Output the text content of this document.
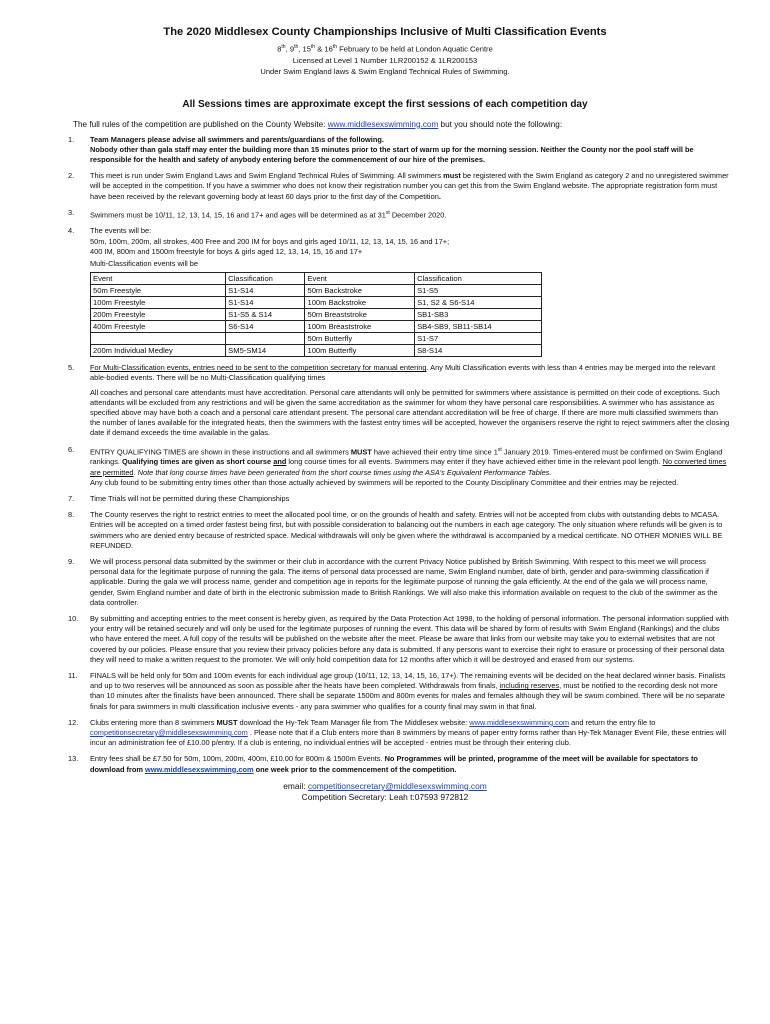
The 2020 Middlesex County Championships Inclusive of Multi Classification Events
8th, 9th, 15th & 16th February to be held at London Aquatic Centre
Licensed at Level 1 Number 1LR200152 & 1LR200153
Under Swim England laws & Swim England Technical Rules of Swimming.
All Sessions times are approximate except the first sessions of each competition day
The full rules of the competition are published on the County Website: www.middlesexswimming.com but you should note the following:
1. Team Managers please advise all swimmers and parents/guardians of the following.
Nobody other than gala staff may enter the building more than 15 minutes prior to the start of warm up for the morning session. Neither the County nor the pool staff will be responsible for the health and safety of anybody entering before the commencement of our hire of the premises.
2. This meet is run under Swim England Laws and Swim England Technical Rules of Swimming. All swimmers must be registered with the Swim England as category 2 and no unregistered swimmer will be accepted in the competition. If you have a swimmer who does not know their registration number you can get this from the Swim England website. The appropriate registration form must have been received by the relevant governing body at least 60 days prior to the first day of the Competition.
3. Swimmers must be 10/11, 12, 13, 14, 15, 16 and 17+ and ages will be determined as at 31st December 2020.
4. The events will be:
50m, 100m, 200m, all strokes, 400 Free and 200 IM for boys and girls aged 10/11, 12, 13, 14, 15, 16 and 17+;
400 IM, 800m and 1500m freestyle for boys & girls aged 12, 13, 14, 15, 16 and 17+
Multi-Classification events will be
Event	Classification	Event	Classification
50m Freestyle	S1-S14	50m Backstroke	S1-S5
100m Freestyle	S1-S14	100m Backstroke	S1, S2 & S6-S14
200m Freestyle	S1-S5 & S14	50m Breaststroke	SB1-SB3
400m Freestyle	S6-S14	100m Breaststroke	SB4-SB9, SB11-SB14
		50m Butterfly	S1-S7
200m Individual Medley	SM5-SM14	100m Butterfly	S8-S14
5. For Multi-Classification events, entries need to be sent to the competition secretary for manual entering. Any Multi Classification events with less than 4 entries may be merged into the relevant able-bodied events. There will be no Multi-Classification qualifying times

All coaches and personal care attendants must have accreditation. Personal care attendants will only be permitted for swimmers where assistance is permitted on their code of exceptions. Such attendants will be excluded from any restrictions and will be given the same accreditation as the swimmer for whom they have personal care responsibilities. A swimmer who has assistance as specified above may have both a coach and a personal care attendant present. The personal care attendant accreditation will be free of charge. If there are more multi classified swimmers than the number of lanes available for the integrated heats, then the swimmers with the fastest entry times will be accepted, however the organisers reserve the right to reject swimmers after the closing date if demand exceeds the time available in the galas.

6. ENTRY QUALIFYING TIMES are shown in these instructions and all swimmers MUST have achieved their entry time since 1st January 2019. Times-entered must be confirmed on Swim England rankings. Qualifying times are given as short course and long course times for all events. Swimmers may enter if they have achieved either time in the relevant pool length. No converted times are permitted. Note that long course times have been generated from the short course times using the ASA's Equivalent Performance Tables.
Any club found to be submitting entry times other than those actually achieved by swimmers will be reported to the County Disciplinary Committee and their entries may be rejected.
7. Time Trials will not be permitted during these Championships
8. The County reserves the right to restrict entries to meet the allocated pool time, or on the grounds of health and safety. Entries will not be accepted from clubs with outstanding debts to MCASA. Entries will be accepted on a timed order fastest being first, but with possible consideration to balancing out the numbers in each age category. The only situation where refunds will be given is to swimmers who are denied entry because of restricted space. Medical withdrawals will only be given where the withdrawal is accompanied by a medical certificate. NO OTHER MONIES WILL BE REFUNDED.
9. We will process personal data submitted by the swimmer or their club in accordance with the current Privacy Notice published by British Swimming. With respect to this meet we will process personal data for the legitimate purpose of running the gala. The items of personal data processed are name, Swim England number, date of birth, gender and para-swimming classification if applicable. During the gala we will process name, gender and competition age in reports for the legitimate purpose of running the gala efficiently. At the end of the gala we will process name, gender, Swim England number and date of birth in the electronic submission made to British Rankings. We will also make this information available on request to the club of the swimmer as the data controller.
10. By submitting and accepting entries to the meet consent is hereby given, as required by the Data Protection Act 1998, to the holding of personal information. The personal information supplied with your entry will be retained securely and will only be used for the legitimate purposes of running the event. This data will be shared by form of results with Swim England (Rankings) and the clubs who have entered the meet. A full copy of the results will be published on the website after the meet. Please be aware that links from our website may take you to external websites that are not covered by our policies. Please ensure that you review their privacy policies before any data is submitted. If any persons want to exercise their right to erasure or processing of their personal data they will need to make a written request to the promoter. We will only hold competition data for 12 months after which it will be destroyed and erased from our systems.
11. FINALS will be held only for 50m and 100m events for each individual age group (10/11, 12, 13, 14, 15, 16, 17+). The remaining events will be decided on the heat declared winner basis. Finalists and up to two reserves will be announced as soon as possible after the heats have been completed. Withdrawals from finals, including reserves, must be notified to the recording desk not more than 10 minutes after the finalists have been announced. There shall be separate 1500m and 800m events for males and females although they will be swum combined. There will be no separate finals for para swimmers in multi classification inclusive events - any para swimmer who qualifies for a county final may swim in that final.
12. Clubs entering more than 8 swimmers MUST download the Hy-Tek Team Manager file from The Middlesex website: www.middlesexswimming.com and return the entry file to competitionsecretary@middlesexswimming.com . Please note that if a Club enters more than 8 swimmers by means of paper entry forms rather than Hy-Tek Manager Event File, these entries will incur an administration fee of £10.00 p/entry. If a club is entering, no individual entries will be accepted - entries must be through their entering club.
13. Entry fees shall be £7.50 for 50m, 100m, 200m, 400m, £10.00 for 800m & 1500m Events. No Programmes will be printed, programme of the meet will be available for spectators to download from www.middlesexswimming.com one week prior to the commencement of the competition.
email: competitionsecretary@middlesexswimming.com
Competition Secretary: Leah t:07593 972812
